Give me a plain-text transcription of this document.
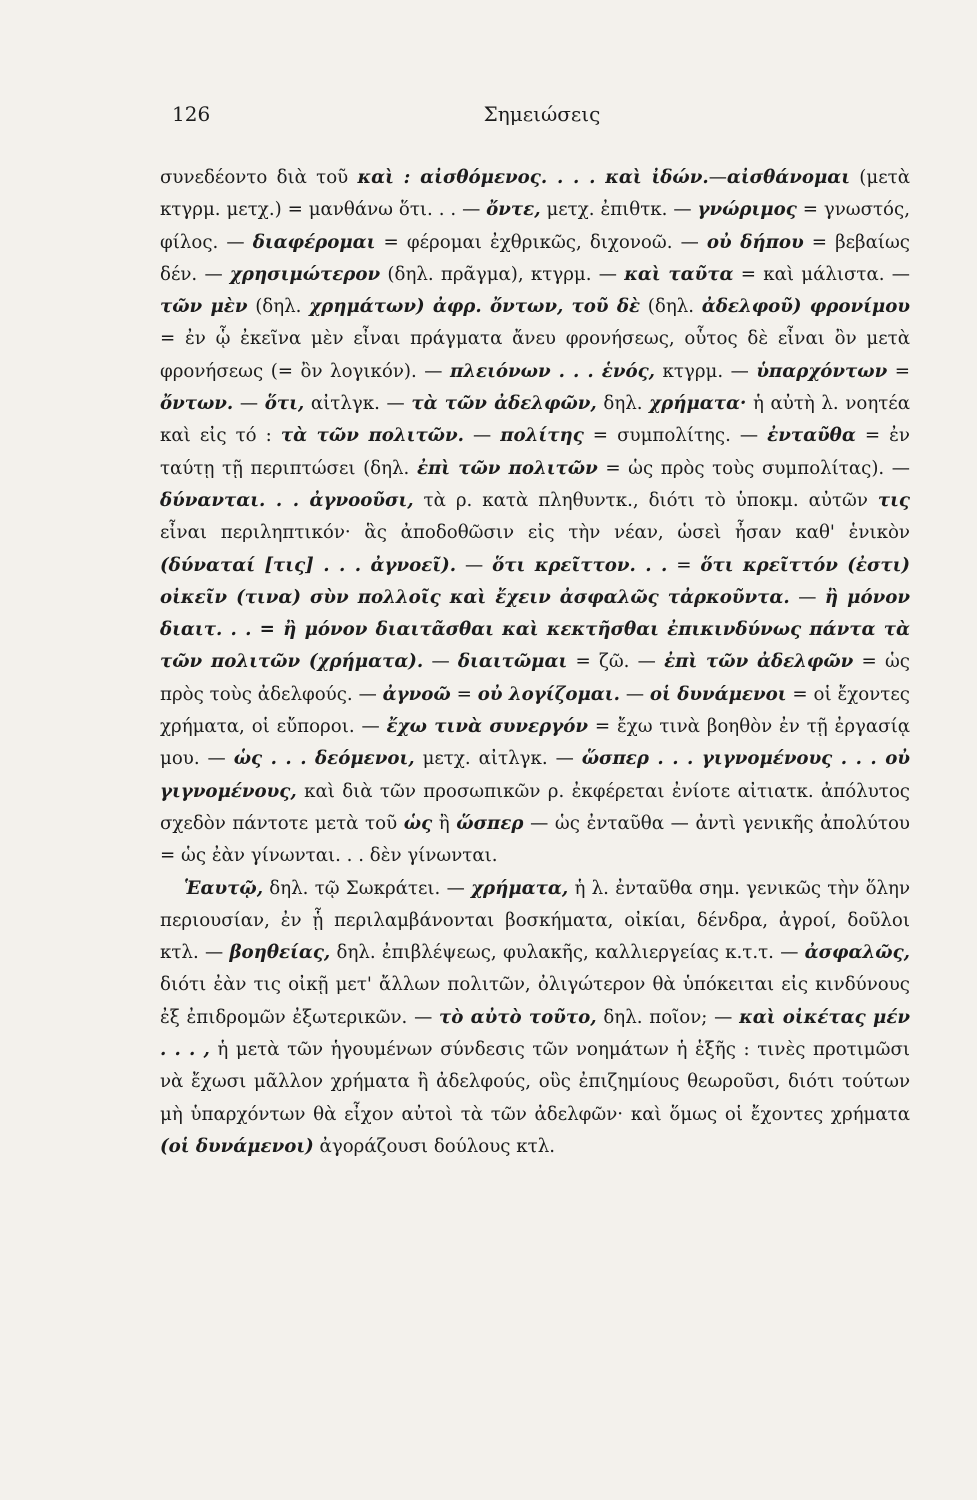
126	Σημειώσεις

συνεδέοντο διὰ τοῦ καὶ : αἰσθόμενος. . . . καὶ ἰδών.—αἰσθάνομαι (μετὰ κτγρμ. μετχ.) = μανθάνω ὅτι. . . — ὄντε, μετχ. ἐπιθτκ. — γνώριμος = γνωστός, φίλος. — διαφέρομαι = φέρομαι ἐχθρικῶς, διχονοῶ. — οὐ δήπου = βεβαίως δέν. — χρησιμώτερον (δηλ. πρᾶγμα), κτγρμ. — καὶ ταῦτα = καὶ μάλιστα. — τῶν μὲν (δηλ. χρημάτων) ἀφρ. ὄντων, τοῦ δὲ (δηλ. ἀδελφοῦ) φρονίμου = ἐν ᾧ ἐκεῖνα μὲν εἶναι πράγματα ἄνευ φρονήσεως, οὗτος δὲ εἶναι ὂν μετὰ φρονήσεως (= ὂν λογικόν). — πλειόνων . . . ἑνός, κτγρμ. — ὑπαρχόντων = ὄντων. — ὅτι, αἰτλγκ. — τὰ τῶν ἀδελφῶν, δηλ. χρήματα· ἡ αὐτὴ λ. νοητέα καὶ εἰς τό : τὰ τῶν πολιτῶν. — πολίτης = συμπολίτης. — ἐνταῦθα = ἐν ταύτῃ τῇ περιπτώσει (δηλ. ἐπὶ τῶν πολιτῶν = ὡς πρὸς τοὺς συμπολίτας). — δύνανται. . . ἀγνοοῦσι, τὰ ρ. κατὰ πληθυντκ., διότι τὸ ὑποκμ. αὐτῶν τις εἶναι περιληπτικόν· ἃς ἀποδοθῶσιν εἰς τὴν νέαν, ὡσεὶ ἦσαν καθ' ἑνικὸν (δύναταί [τις] . . . ἀγνοεῖ). — ὅτι κρεῖττον. . . = ὅτι κρεῖττόν (ἐστι) οἰκεῖν (τινα) σὺν πολλοῖς καὶ ἔχειν ἀσφαλῶς τἀρκοῦντα. — ἢ μόνον διαιτ. . . = ἢ μόνον διαιτᾶσθαι καὶ κεκτῆσθαι ἐπικινδύνως πάντα τὰ τῶν πολιτῶν (χρήματα). — διαιτῶμαι = ζῶ. — ἐπὶ τῶν ἀδελφῶν = ὡς πρὸς τοὺς ἀδελφούς. — ἀγνοῶ = οὐ λογίζομαι. — οἱ δυνάμενοι = οἱ ἔχοντες χρήματα, οἱ εὔποροι. — ἔχω τινὰ συνεργόν = ἔχω τινὰ βοηθὸν ἐν τῇ ἐργασίᾳ μου. — ὡς . . . δεόμενοι, μετχ. αἰτλγκ. — ὥσπερ . . . γιγνομένους . . . οὐ γιγνομένους, καὶ διὰ τῶν προσωπικῶν ρ. ἐκφέρεται ἐνίοτε αἰτιατκ. ἀπόλυτος σχεδὸν πάντοτε μετὰ τοῦ ὡς ἢ ὥσπερ — ὡς ἐνταῦθα — ἀντὶ γενικῆς ἀπολύτου = ὡς ἐὰν γίνωνται. . . δὲν γίνωνται.

Ἑαυτῷ, δηλ. τῷ Σωκράτει. — χρήματα, ἡ λ. ἐνταῦθα σημ. γενικῶς τὴν ὅλην περιουσίαν, ἐν ᾗ περιλαμβάνονται βοσκήματα, οἰκίαι, δένδρα, ἀγροί, δοῦλοι κτλ. — βοηθείας, δηλ. ἐπιβλέψεως, φυλακῆς, καλλιεργείας κ.τ.τ. — ἀσφαλῶς, διότι ἐὰν τις οἰκῇ μετ' ἄλλων πολιτῶν, ὀλιγώτερον θὰ ὑπόκειται εἰς κινδύνους ἐξ ἐπιδρομῶν ἐξωτερικῶν. — τὸ αὐτὸ τοῦτο, δηλ. ποῖον; — καὶ οἰκέτας μέν . . . , ἡ μετὰ τῶν ἡγουμένων σύνδεσις τῶν νοημάτων ἡ ἑξῆς : τινὲς προτιμῶσι νὰ ἔχωσι μᾶλλον χρήματα ἢ ἀδελφούς, οὓς ἐπιζημίους θεωροῦσι, διότι τούτων μὴ ὑπαρχόντων θὰ εἶχον αὐτοὶ τὰ τῶν ἀδελφῶν· καὶ ὅμως οἱ ἔχοντες χρήματα (οἱ δυνάμενοι) ἀγοράζουσι δούλους κτλ.
